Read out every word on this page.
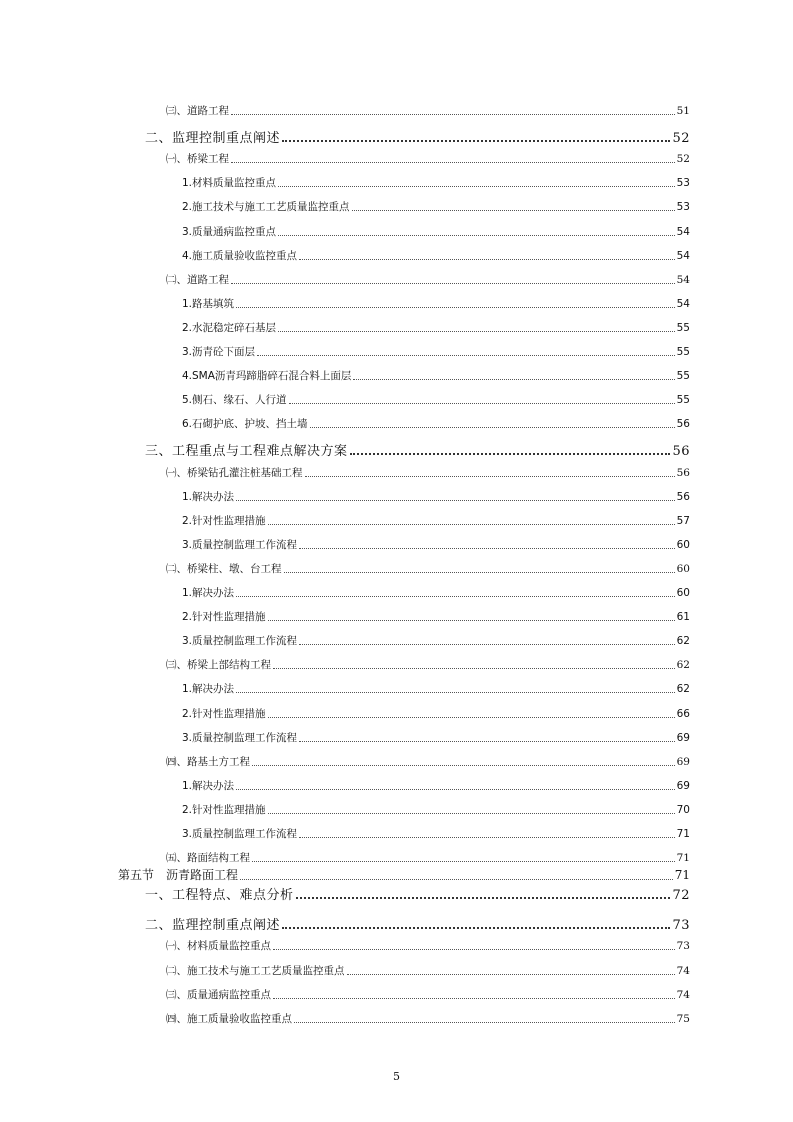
㈢、道路工程	51
二、监理控制重点阐述	52
㈠、桥梁工程	52
1.材料质量监控重点	53
2.施工技术与施工工艺质量监控重点	53
3.质量通病监控重点	54
4.施工质量验收监控重点	54
㈡、道路工程	54
1.路基填筑	54
2.水泥稳定碎石基层	55
3.沥青砼下面层	55
4.SMA沥青玛蹄脂碎石混合料上面层	55
5.侧石、缘石、人行道	55
6.石砌护底、护坡、挡土墙	56
三、工程重点与工程难点解决方案	56
㈠、桥梁钻孔灌注桩基础工程	56
1.解决办法	56
2.针对性监理措施	57
3.质量控制监理工作流程	60
㈡、桥梁柱、墩、台工程	60
1.解决办法	60
2.针对性监理措施	61
3.质量控制监理工作流程	62
㈢、桥梁上部结构工程	62
1.解决办法	62
2.针对性监理措施	66
3.质量控制监理工作流程	69
㈣、路基土方工程	69
1.解决办法	69
2.针对性监理措施	70
3.质量控制监理工作流程	71
㈤、路面结构工程	71
第五节　沥青路面工程	71
一、工程特点、难点分析	72
二、监理控制重点阐述	73
㈠、材料质量监控重点	73
㈡、施工技术与施工工艺质量监控重点	74
㈢、质量通病监控重点	74
㈣、施工质量验收监控重点	75
5
